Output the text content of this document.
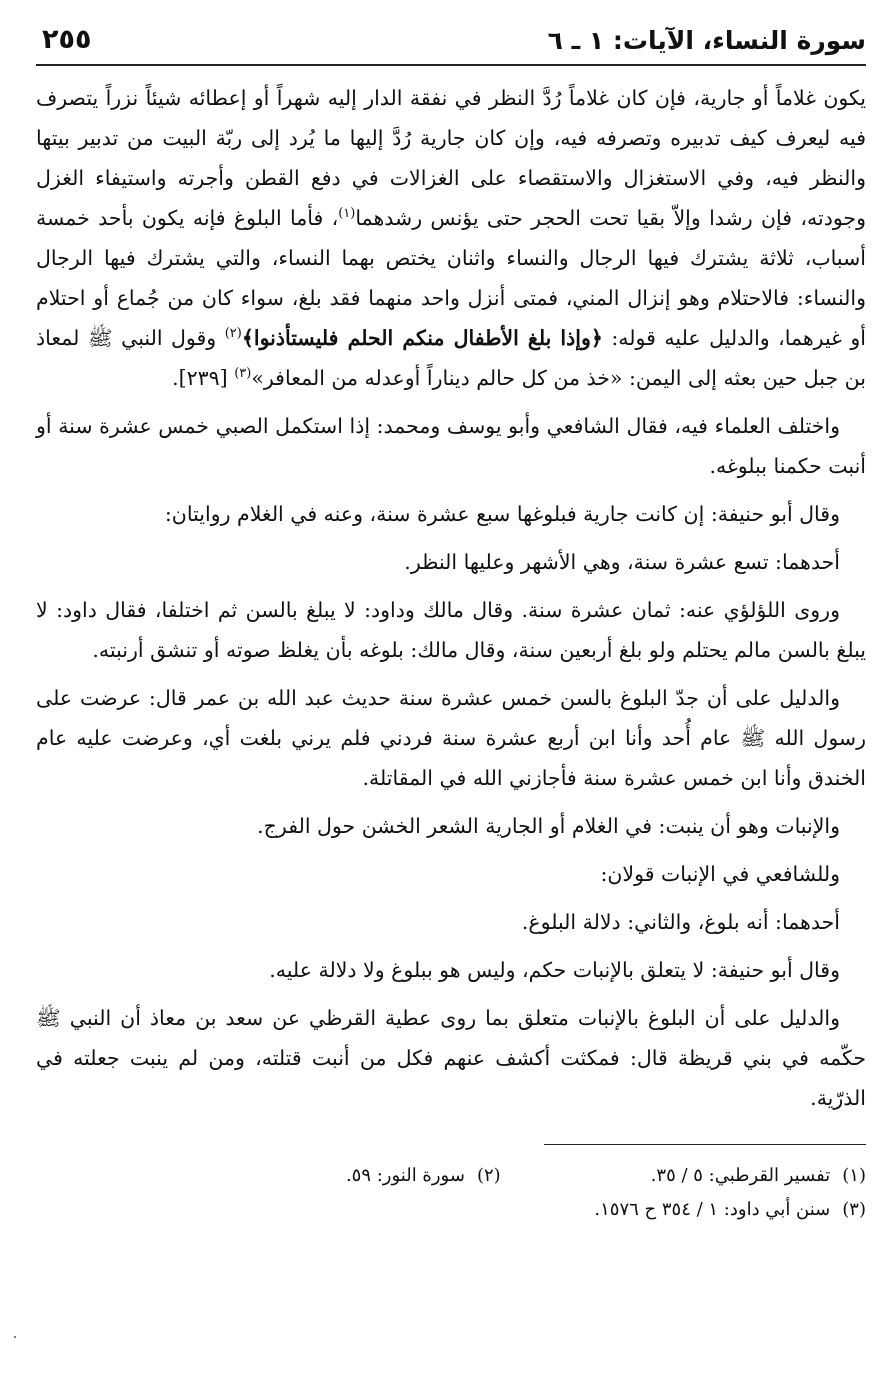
سورة النساء، الآيات: ١ ـ ٦
٢٥٥

يكون غلاماً أو جارية، فإن كان غلاماً رُدَّ النظر في نفقة الدار إليه شهراً أو إعطائه شيئاً نزراً يتصرف فيه ليعرف كيف تدبيره وتصرفه فيه، وإن كان جارية رُدَّ إليها ما يُرد إلى ربّة البيت من تدبير بيتها والنظر فيه، وفي الاستغزال والاستقصاء على الغزالات في دفع القطن وأجرته واستيفاء الغزل وجودته، فإن رشدا وإلاّ بقيا تحت الحجر حتى يؤنس رشدهما$^{(١)}$، فأما البلوغ فإنه يكون بأحد خمسة أسباب، ثلاثة يشترك فيها الرجال والنساء واثنان يختص بهما النساء، والتي يشترك فيها الرجال والنساء: فالاحتلام وهو إنزال المني، فمتى أنزل واحد منهما فقد بلغ، سواء كان من جُماع أو احتلام أو غيرهما، والدليل عليه قوله: ﴿وإذا بلغ الأطفال منكم الحلم فليستأذنوا﴾$^{(٢)}$ وقول النبي ﷺ لمعاذ بن جبل حين بعثه إلى اليمن: «خذ من كل حالم ديناراً أوعدله من المعافر»$^{(٣)}$ [٢٣٩].

واختلف العلماء فيه، فقال الشافعي وأبو يوسف ومحمد: إذا استكمل الصبي خمس عشرة سنة أو أنبت حكمنا ببلوغه.

وقال أبو حنيفة: إن كانت جارية فبلوغها سبع عشرة سنة، وعنه في الغلام روايتان:

أحدهما: تسع عشرة سنة، وهي الأشهر وعليها النظر.

وروى اللؤلؤي عنه: ثمان عشرة سنة. وقال مالك وداود: لا يبلغ بالسن ثم اختلفا، فقال داود: لا يبلغ بالسن مالم يحتلم ولو بلغ أربعين سنة، وقال مالك: بلوغه بأن يغلظ صوته أو تنشق أرنبته.

والدليل على أن جدّ البلوغ بالسن خمس عشرة سنة حديث عبد الله بن عمر قال: عرضت على رسول الله ﷺ عام أُحد وأنا ابن أربع عشرة سنة فردني فلم يرني بلغت أي، وعرضت عليه عام الخندق وأنا ابن خمس عشرة سنة فأجازني الله في المقاتلة.

والإنبات وهو أن ينبت: في الغلام أو الجارية الشعر الخشن حول الفرج.

وللشافعي في الإنبات قولان:

أحدهما: أنه بلوغ، والثاني: دلالة البلوغ.

وقال أبو حنيفة: لا يتعلق بالإنبات حكم، وليس هو ببلوغ ولا دلالة عليه.

والدليل على أن البلوغ بالإنبات متعلق بما روى عطية القرظي عن سعد بن معاذ أن النبي ﷺ حكّمه في بني قريظة قال: فمكثت أكشف عنهم فكل من أنبت قتلته، ومن لم ينبت جعلته في الذرّية.

(١)تفسير القرطبي: ٥ / ٣٥.
(٢)سورة النور: ٥٩.
(٣)سنن أبي داود: ١ / ٣٥٤ ح ١٥٧٦.
